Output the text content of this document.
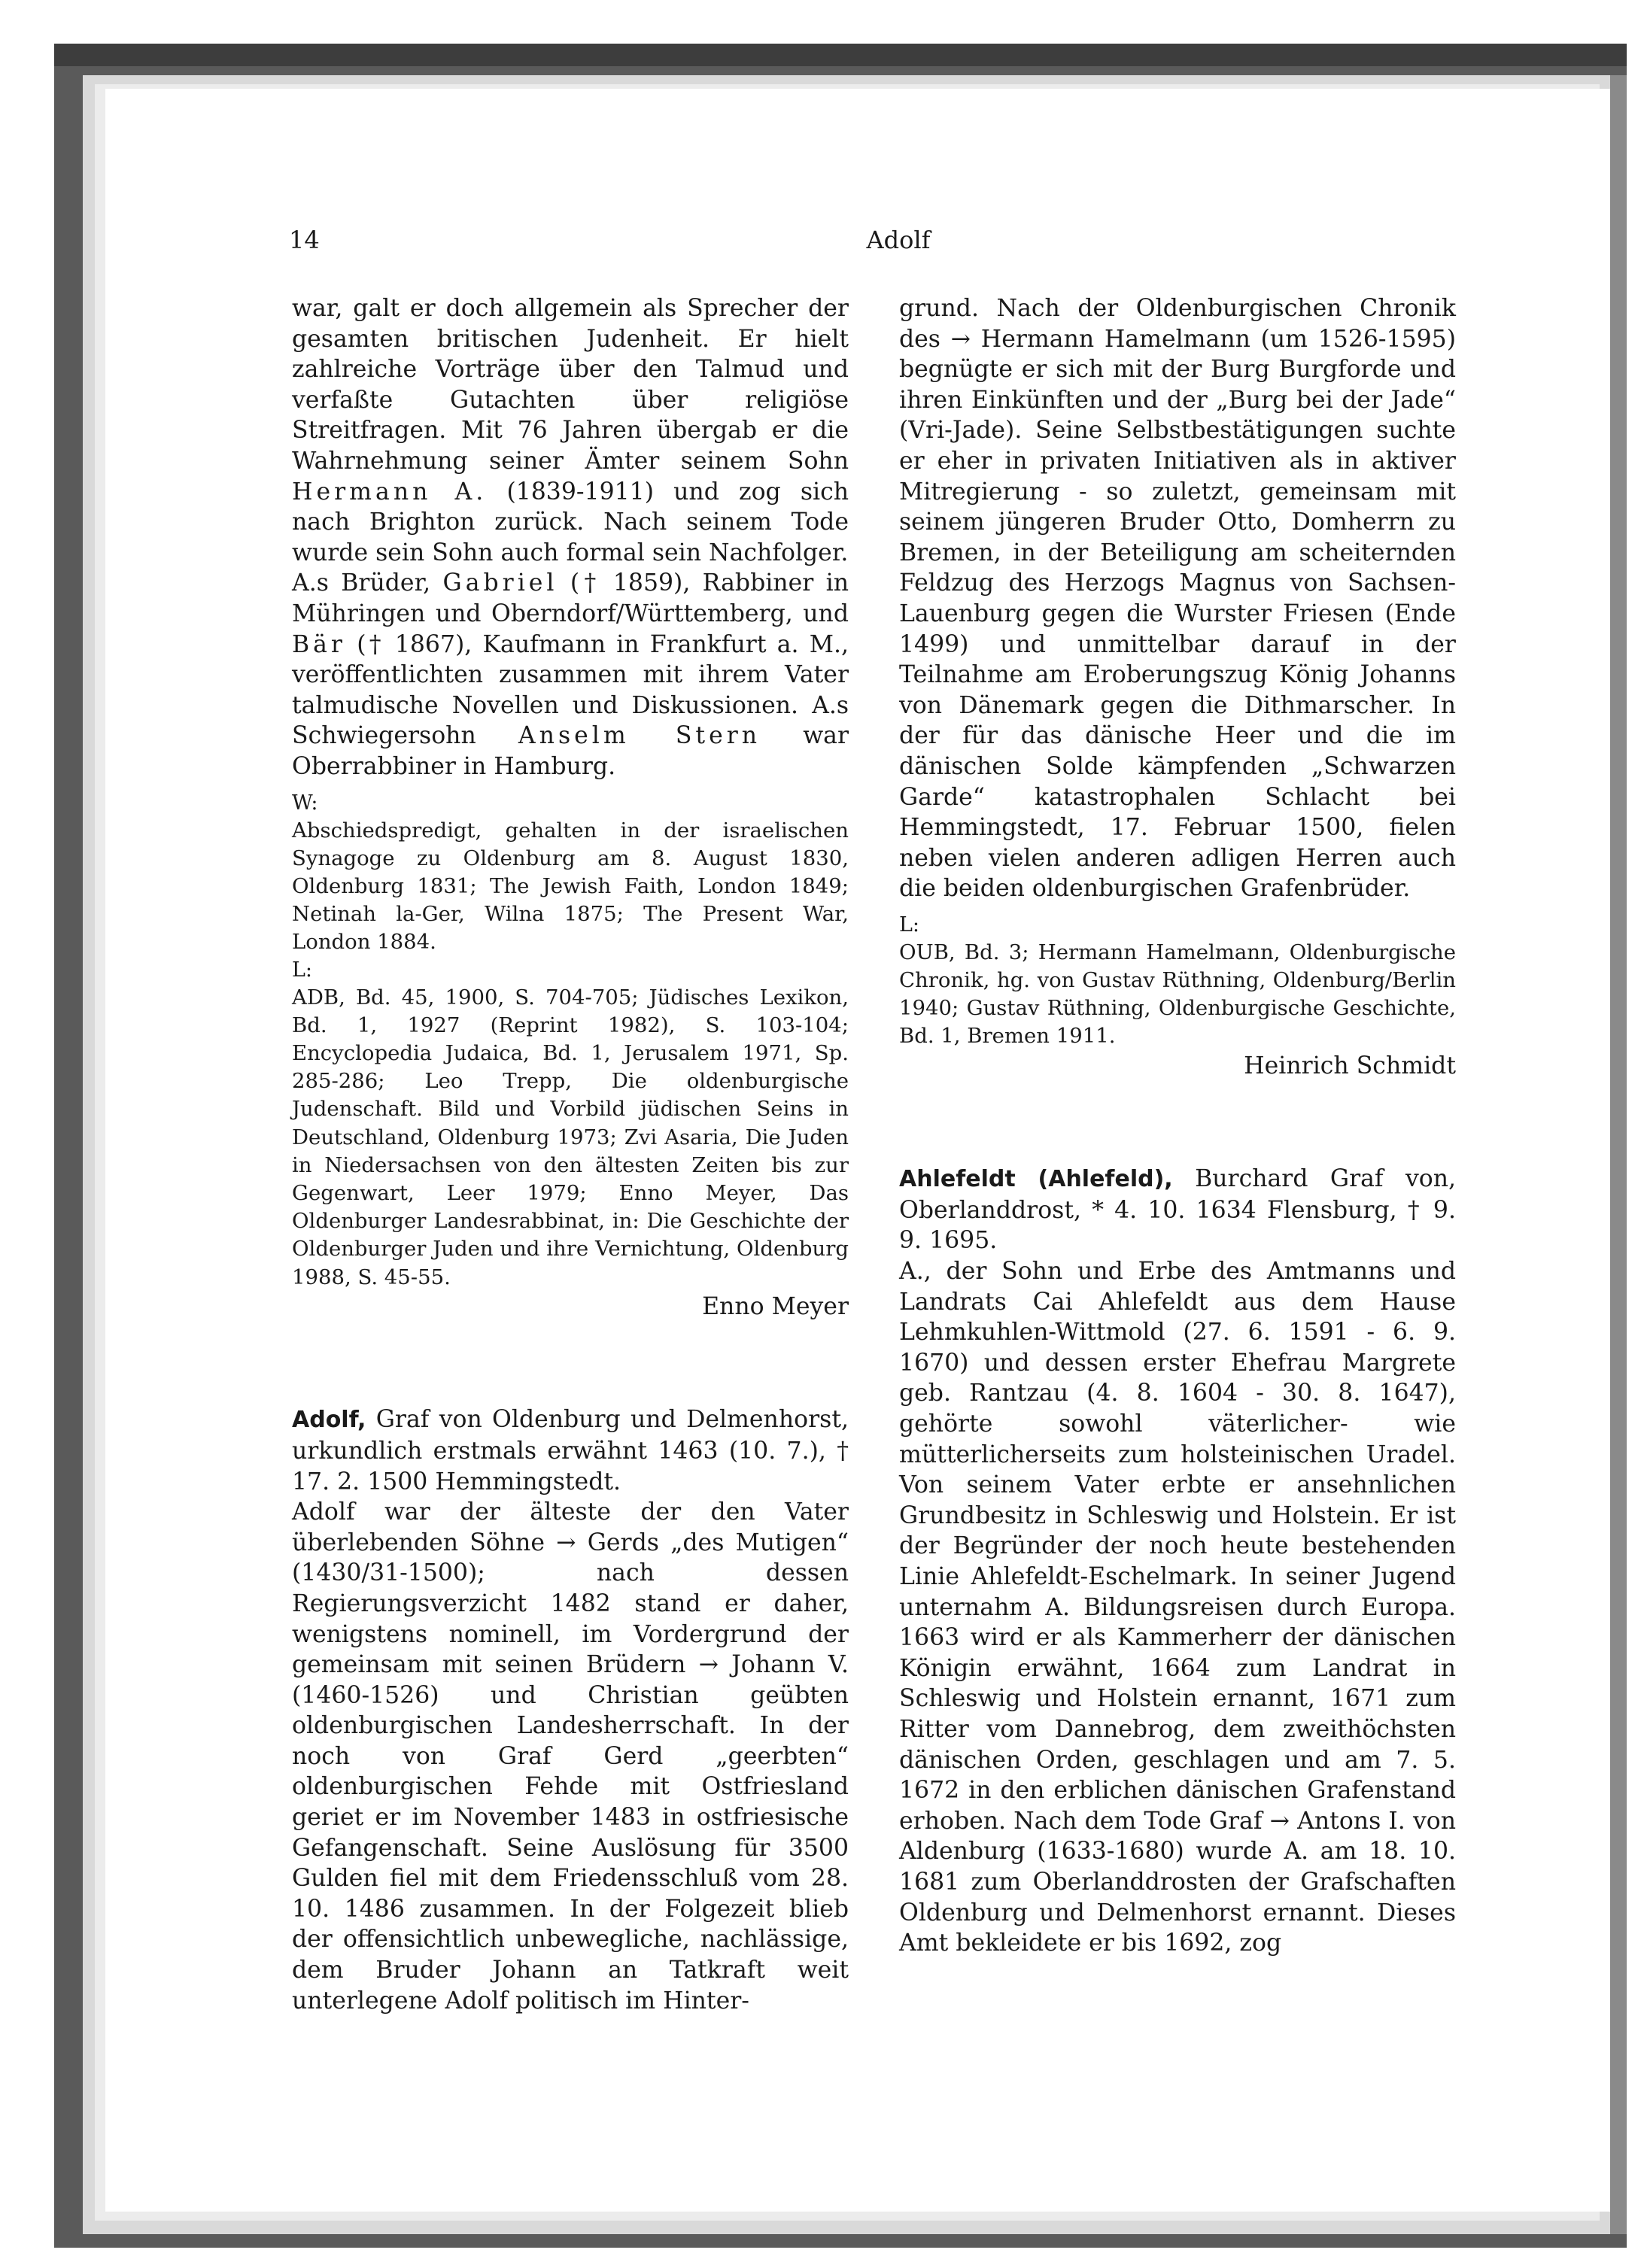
14	Adolf

war, galt er doch allgemein als Sprecher der gesamten britischen Judenheit. Er hielt zahlreiche Vorträge über den Talmud und verfaßte Gutachten über religiöse Streitfragen. Mit 76 Jahren übergab er die Wahrnehmung seiner Ämter seinem Sohn Hermann A. (1839-1911) und zog sich nach Brighton zurück. Nach seinem Tode wurde sein Sohn auch formal sein Nachfolger.

A.s Brüder, Gabriel († 1859), Rabbiner in Mühringen und Oberndorf/Württemberg, und Bär († 1867), Kaufmann in Frankfurt a. M., veröffentlichten zusammen mit ihrem Vater talmudische Novellen und Diskussionen. A.s Schwiegersohn Anselm Stern war Oberrabbiner in Hamburg.

W:

Abschiedspredigt, gehalten in der israelischen Synagoge zu Oldenburg am 8. August 1830, Oldenburg 1831; The Jewish Faith, London 1849; Netinah la-Ger, Wilna 1875; The Present War, London 1884.

L:

ADB, Bd. 45, 1900, S. 704-705; Jüdisches Lexikon, Bd. 1, 1927 (Reprint 1982), S. 103-104; Encyclopedia Judaica, Bd. 1, Jerusalem 1971, Sp. 285-286; Leo Trepp, Die oldenburgische Judenschaft. Bild und Vorbild jüdischen Seins in Deutschland, Oldenburg 1973; Zvi Asaria, Die Juden in Niedersachsen von den ältesten Zeiten bis zur Gegenwart, Leer 1979; Enno Meyer, Das Oldenburger Landesrabbinat, in: Die Geschichte der Oldenburger Juden und ihre Vernichtung, Oldenburg 1988, S. 45-55.

Enno Meyer

Adolf, Graf von Oldenburg und Delmenhorst, urkundlich erstmals erwähnt 1463 (10. 7.), † 17. 2. 1500 Hemmingstedt.

Adolf war der älteste der den Vater überlebenden Söhne → Gerds „des Mutigen“ (1430/31-1500); nach dessen Regierungsverzicht 1482 stand er daher, wenigstens nominell, im Vordergrund der gemeinsam mit seinen Brüdern → Johann V. (1460-1526) und Christian geübten oldenburgischen Landesherrschaft. In der noch von Graf Gerd „geerbten“ oldenburgischen Fehde mit Ostfriesland geriet er im November 1483 in ostfriesische Gefangenschaft. Seine Auslösung für 3500 Gulden fiel mit dem Friedensschluß vom 28. 10. 1486 zusammen. In der Folgezeit blieb der offensichtlich unbewegliche, nachlässige, dem Bruder Johann an Tatkraft weit unterlegene Adolf politisch im Hinter-

grund. Nach der Oldenburgischen Chronik des → Hermann Hamelmann (um 1526-1595) begnügte er sich mit der Burg Burgforde und ihren Einkünften und der „Burg bei der Jade“ (Vri-Jade). Seine Selbstbestätigungen suchte er eher in privaten Initiativen als in aktiver Mitregierung - so zuletzt, gemeinsam mit seinem jüngeren Bruder Otto, Domherrn zu Bremen, in der Beteiligung am scheiternden Feldzug des Herzogs Magnus von Sachsen-Lauenburg gegen die Wurster Friesen (Ende 1499) und unmittelbar darauf in der Teilnahme am Eroberungszug König Johanns von Dänemark gegen die Dithmarscher. In der für das dänische Heer und die im dänischen Solde kämpfenden „Schwarzen Garde“ katastrophalen Schlacht bei Hemmingstedt, 17. Februar 1500, fielen neben vielen anderen adligen Herren auch die beiden oldenburgischen Grafenbrüder.

L:

OUB, Bd. 3; Hermann Hamelmann, Oldenburgische Chronik, hg. von Gustav Rüthning, Oldenburg/Berlin 1940; Gustav Rüthning, Oldenburgische Geschichte, Bd. 1, Bremen 1911.

Heinrich Schmidt

Ahlefeldt (Ahlefeld), Burchard Graf von, Oberlanddrost, * 4. 10. 1634 Flensburg, † 9. 9. 1695.

A., der Sohn und Erbe des Amtmanns und Landrats Cai Ahlefeldt aus dem Hause Lehmkuhlen-Wittmold (27. 6. 1591 - 6. 9. 1670) und dessen erster Ehefrau Margrete geb. Rantzau (4. 8. 1604 - 30. 8. 1647), gehörte sowohl väterlicher- wie mütterlicherseits zum holsteinischen Uradel. Von seinem Vater erbte er ansehnlichen Grundbesitz in Schleswig und Holstein. Er ist der Begründer der noch heute bestehenden Linie Ahlefeldt-Eschelmark. In seiner Jugend unternahm A. Bildungsreisen durch Europa. 1663 wird er als Kammerherr der dänischen Königin erwähnt, 1664 zum Landrat in Schleswig und Holstein ernannt, 1671 zum Ritter vom Dannebrog, dem zweithöchsten dänischen Orden, geschlagen und am 7. 5. 1672 in den erblichen dänischen Grafenstand erhoben. Nach dem Tode Graf → Antons I. von Aldenburg (1633-1680) wurde A. am 18. 10. 1681 zum Oberlanddrosten der Grafschaften Oldenburg und Delmenhorst ernannt. Dieses Amt bekleidete er bis 1692, zog
